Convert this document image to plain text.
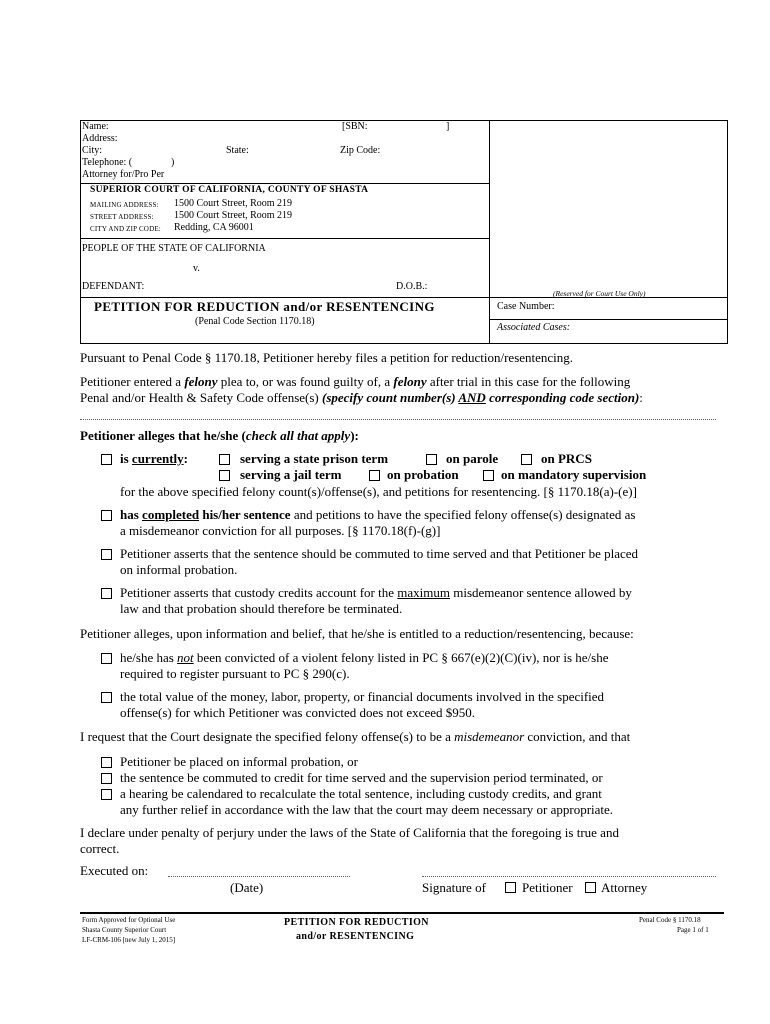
Name:	[SBN:	]
Address:
City:	State:	Zip Code:
Telephone: (	)
Attorney for/Pro Per
SUPERIOR COURT OF CALIFORNIA, COUNTY OF SHASTA
MAILING ADDRESS: 1500 Court Street, Room 219
STREET ADDRESS: 1500 Court Street, Room 219
CITY AND ZIP CODE: Redding, CA 96001
PEOPLE OF THE STATE OF CALIFORNIA
v.
DEFENDANT:	D.O.B.:
(Reserved for Court Use Only)
PETITION FOR REDUCTION and/or RESENTENCING
(Penal Code Section 1170.18)
Case Number:
Associated Cases:
Pursuant to Penal Code § 1170.18, Petitioner hereby files a petition for reduction/resentencing.
Petitioner entered a felony plea to, or was found guilty of, a felony after trial in this case for the following
Penal and/or Health & Safety Code offense(s) (specify count number(s) AND corresponding code section):
Petitioner alleges that he/she (check all that apply):
is currently:	serving a state prison term	on parole	on PRCS
serving a jail term	on probation	on mandatory supervision
for the above specified felony count(s)/offense(s), and petitions for resentencing. [§ 1170.18(a)-(e)]
has completed his/her sentence and petitions to have the specified felony offense(s) designated as
a misdemeanor conviction for all purposes. [§ 1170.18(f)-(g)]
Petitioner asserts that the sentence should be commuted to time served and that Petitioner be placed
on informal probation.
Petitioner asserts that custody credits account for the maximum misdemeanor sentence allowed by
law and that probation should therefore be terminated.
Petitioner alleges, upon information and belief, that he/she is entitled to a reduction/resentencing, because:
he/she has not been convicted of a violent felony listed in PC § 667(e)(2)(C)(iv), nor is he/she
required to register pursuant to PC § 290(c).
the total value of the money, labor, property, or financial documents involved in the specified
offense(s) for which Petitioner was convicted does not exceed $950.
I request that the Court designate the specified felony offense(s) to be a misdemeanor conviction, and that
Petitioner be placed on informal probation, or
the sentence be commuted to credit for time served and the supervision period terminated, or
a hearing be calendared to recalculate the total sentence, including custody credits, and grant
any further relief in accordance with the law that the court may deem necessary or appropriate.
I declare under penalty of perjury under the laws of the State of California that the foregoing is true and
correct.
Executed on:
(Date)	Signature of	Petitioner Attorney
Form Approved for Optional Use
Shasta County Superior Court
LF-CRM-106 [new July 1, 2015]
PETITION FOR REDUCTION
and/or RESENTENCING
Penal Code § 1170.18
Page 1 of 1
